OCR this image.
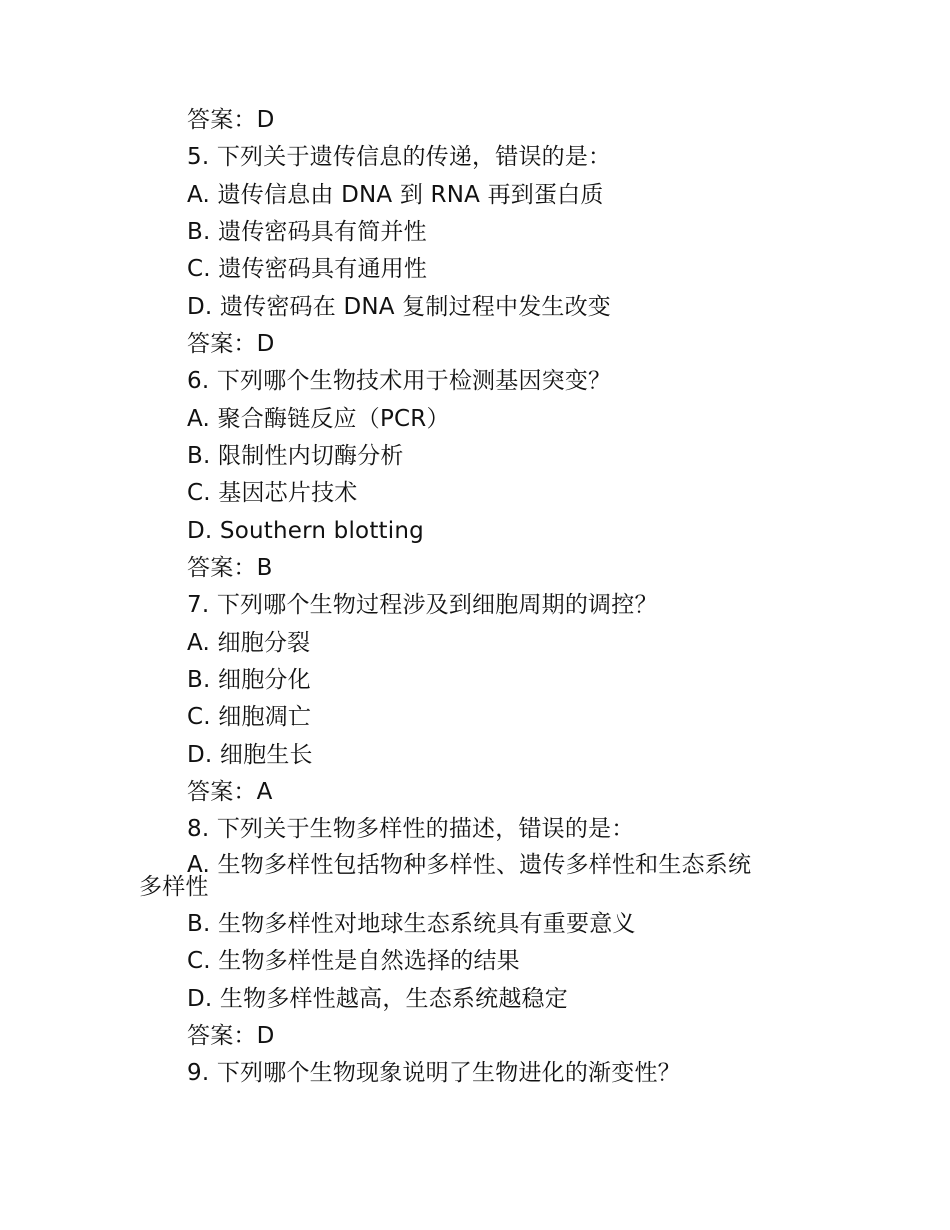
答案：D
5. 下列关于遗传信息的传递，错误的是：
A. 遗传信息由 DNA 到 RNA 再到蛋白质
B. 遗传密码具有简并性
C. 遗传密码具有通用性
D. 遗传密码在 DNA 复制过程中发生改变
答案：D
6. 下列哪个生物技术用于检测基因突变？
A. 聚合酶链反应（PCR）
B. 限制性内切酶分析
C. 基因芯片技术
D. Southern blotting
答案：B
7. 下列哪个生物过程涉及到细胞周期的调控？
A. 细胞分裂
B. 细胞分化
C. 细胞凋亡
D. 细胞生长
答案：A
8. 下列关于生物多样性的描述，错误的是：
A. 生物多样性包括物种多样性、遗传多样性和生态系统
多样性
B. 生物多样性对地球生态系统具有重要意义
C. 生物多样性是自然选择的结果
D. 生物多样性越高，生态系统越稳定
答案：D
9. 下列哪个生物现象说明了生物进化的渐变性？
